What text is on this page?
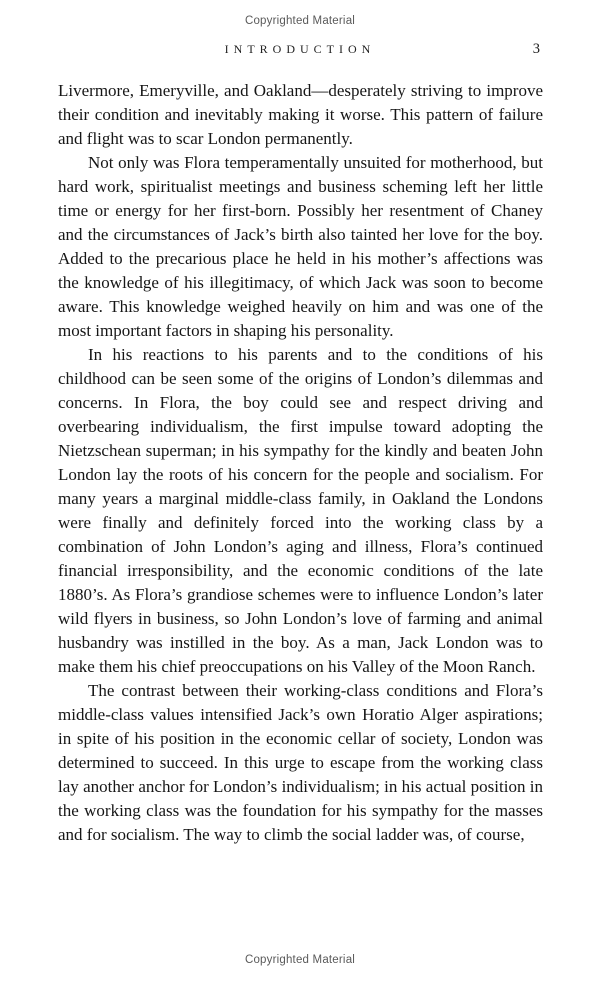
Copyrighted Material
INTRODUCTION	3

Livermore, Emeryville, and Oakland—desperately striving to improve their condition and inevitably making it worse. This pattern of failure and flight was to scar London permanently.

Not only was Flora temperamentally unsuited for motherhood, but hard work, spiritualist meetings and business scheming left her little time or energy for her first-born. Possibly her resentment of Chaney and the circumstances of Jack’s birth also tainted her love for the boy. Added to the precarious place he held in his mother’s affections was the knowledge of his illegitimacy, of which Jack was soon to become aware. This knowledge weighed heavily on him and was one of the most important factors in shaping his personality.

In his reactions to his parents and to the conditions of his childhood can be seen some of the origins of London’s dilemmas and concerns. In Flora, the boy could see and respect driving and overbearing individualism, the first impulse toward adopting the Nietzschean superman; in his sympathy for the kindly and beaten John London lay the roots of his concern for the people and socialism. For many years a marginal middle-class family, in Oakland the Londons were finally and definitely forced into the working class by a combination of John London’s aging and illness, Flora’s continued financial irresponsibility, and the economic conditions of the late 1880’s. As Flora’s grandiose schemes were to influence London’s later wild flyers in business, so John London’s love of farming and animal husbandry was instilled in the boy. As a man, Jack London was to make them his chief preoccupations on his Valley of the Moon Ranch.

The contrast between their working-class conditions and Flora’s middle-class values intensified Jack’s own Horatio Alger aspirations; in spite of his position in the economic cellar of society, London was determined to succeed. In this urge to escape from the working class lay another anchor for London’s individualism; in his actual position in the working class was the foundation for his sympathy for the masses and for socialism. The way to climb the social ladder was, of course,

Copyrighted Material
